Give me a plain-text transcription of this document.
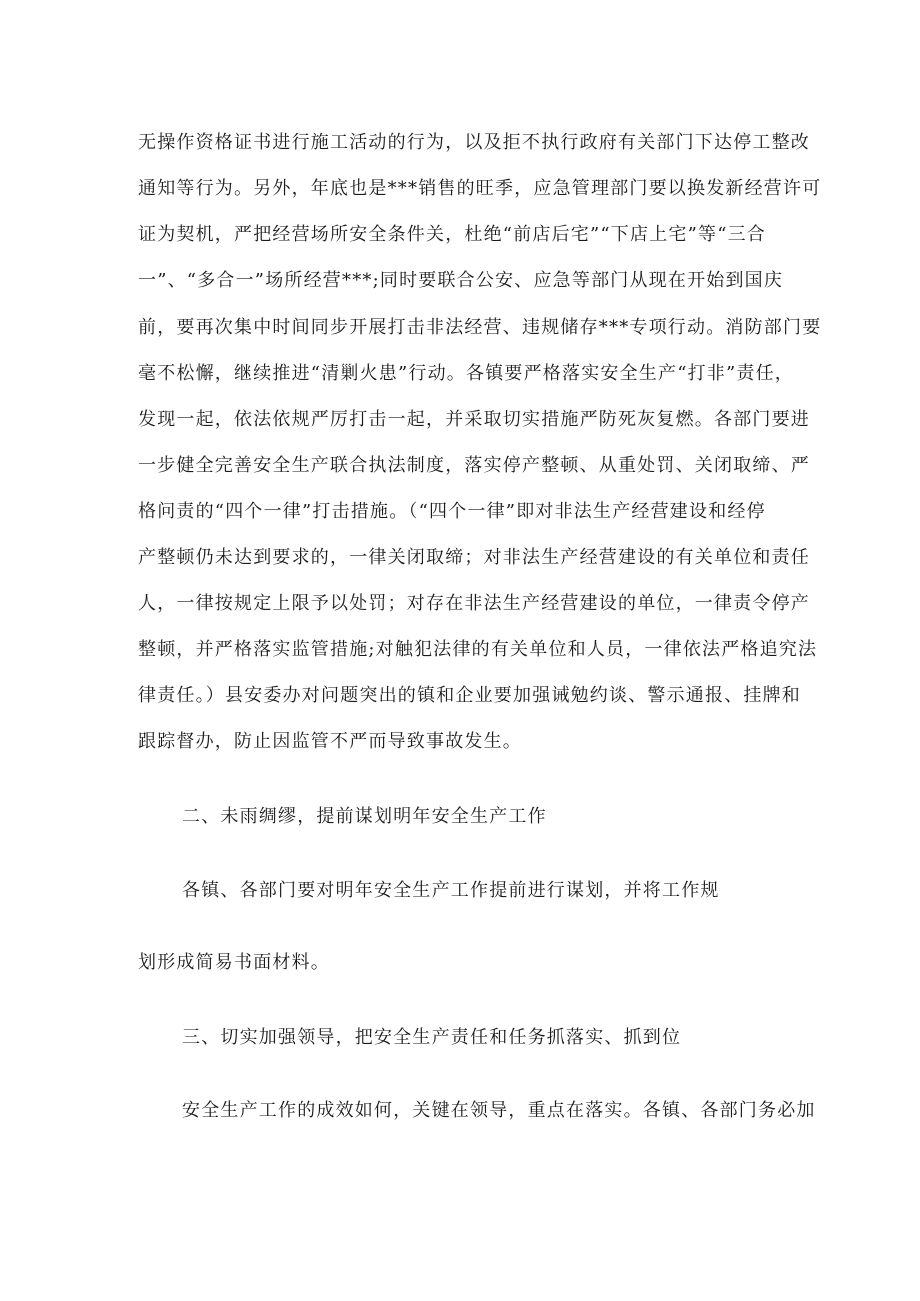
无操作资格证书进行施工活动的行为，以及拒不执行政府有关部门下达停工整改
通知等行为。另外，年底也是***销售的旺季，应急管理部门要以换发新经营许可
证为契机，严把经营场所安全条件关，杜绝“前店后宅”“下店上宅”等“三合
一”、“多合一”场所经营***;同时要联合公安、应急等部门从现在开始到国庆
前，要再次集中时间同步开展打击非法经营、违规储存***专项行动。消防部门要
毫不松懈，继续推进“清剿火患”行动。各镇要严格落实安全生产“打非”责任，
发现一起，依法依规严厉打击一起，并采取切实措施严防死灰复燃。各部门要进
一步健全完善安全生产联合执法制度，落实停产整顿、从重处罚、关闭取缔、严
格问责的“四个一律”打击措施。（“四个一律”即对非法生产经营建设和经停
产整顿仍未达到要求的，一律关闭取缔；对非法生产经营建设的有关单位和责任
人，一律按规定上限予以处罚；对存在非法生产经营建设的单位，一律责令停产
整顿，并严格落实监管措施;对触犯法律的有关单位和人员，一律依法严格追究法
律责任。）县安委办对问题突出的镇和企业要加强诫勉约谈、警示通报、挂牌和
跟踪督办，防止因监管不严而导致事故发生。
二、未雨绸缪，提前谋划明年安全生产工作
各镇、各部门要对明年安全生产工作提前进行谋划，并将工作规
划形成简易书面材料。
三、切实加强领导，把安全生产责任和任务抓落实、抓到位
安全生产工作的成效如何，关键在领导，重点在落实。各镇、各部门务必加
